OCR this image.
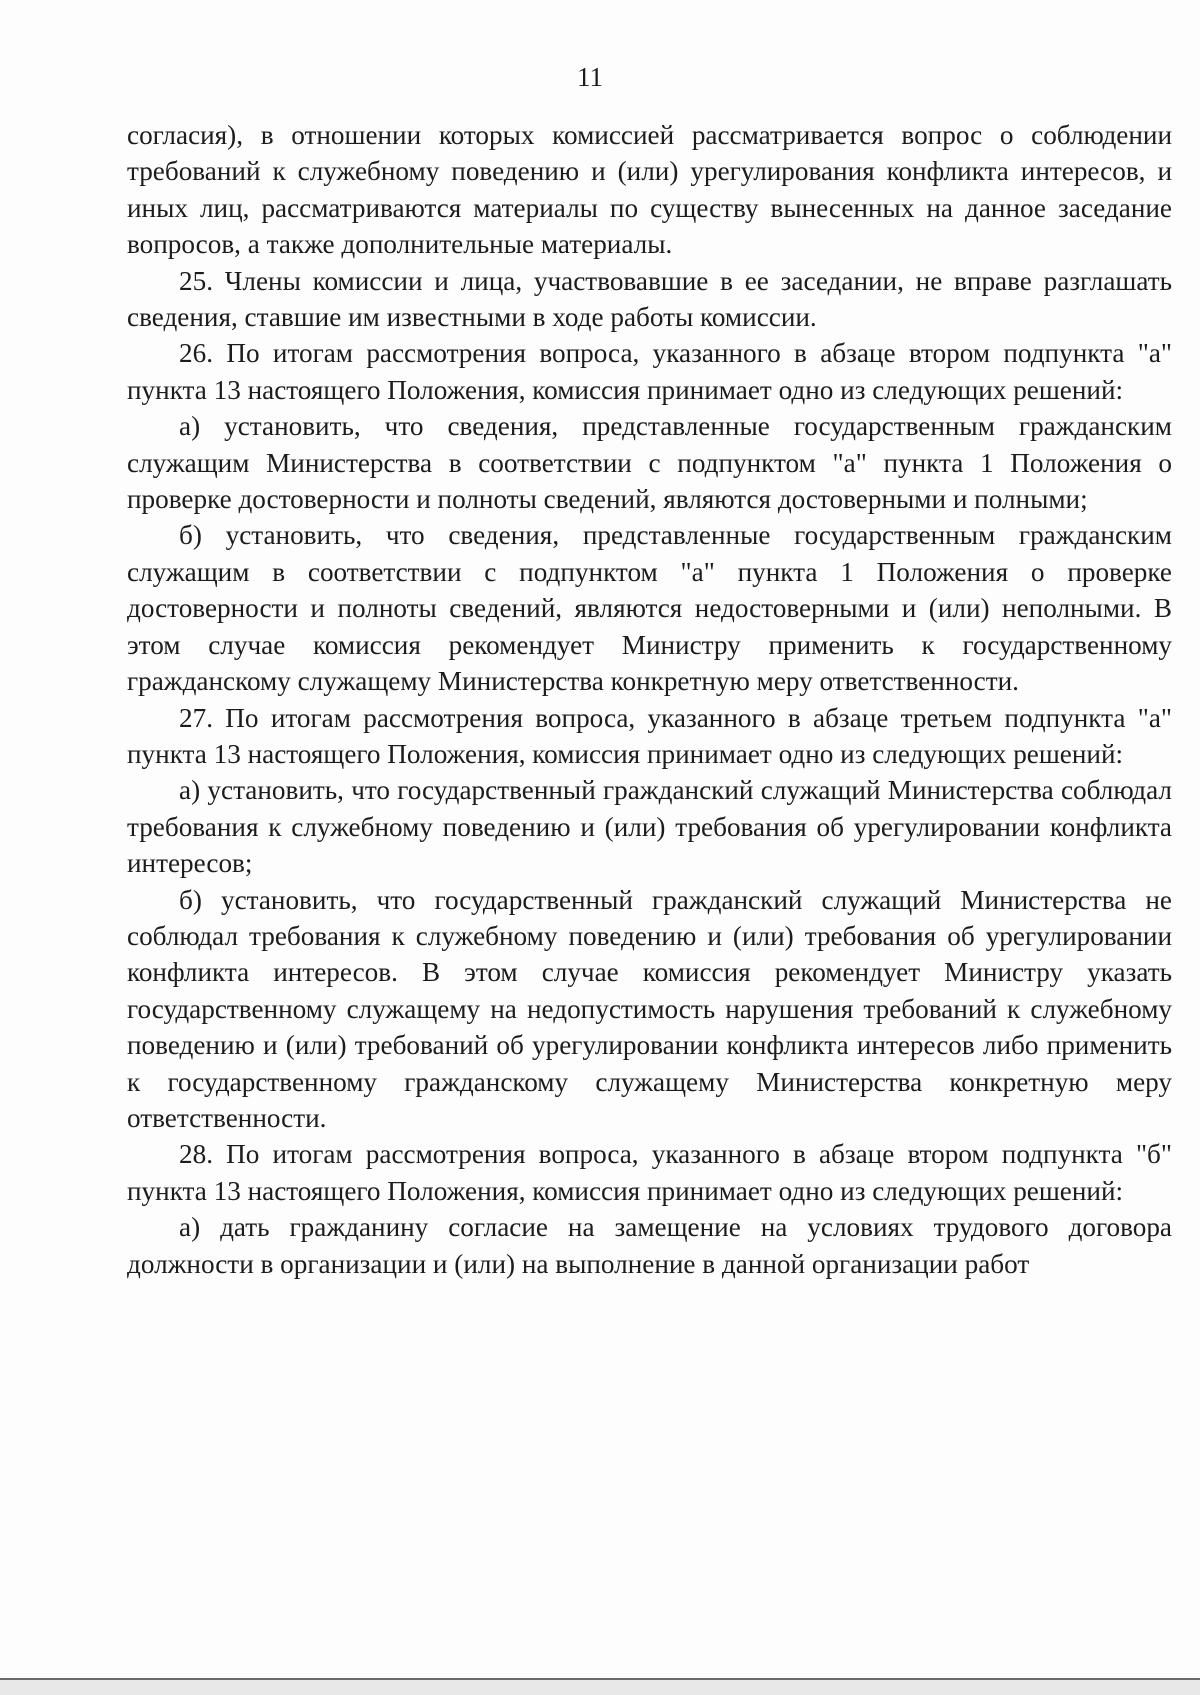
11

согласия), в отношении которых комиссией рассматривается вопрос о соблюдении требований к служебному поведению и (или) урегулирования конфликта интересов, и иных лиц, рассматриваются материалы по существу вынесенных на данное заседание вопросов, а также дополнительные материалы.

25. Члены комиссии и лица, участвовавшие в ее заседании, не вправе разглашать сведения, ставшие им известными в ходе работы комиссии.

26. По итогам рассмотрения вопроса, указанного в абзаце втором подпункта "а" пункта 13 настоящего Положения, комиссия принимает одно из следующих решений:

а) установить, что сведения, представленные государственным гражданским служащим Министерства в соответствии с подпунктом "а" пункта 1 Положения о проверке достоверности и полноты сведений, являются достоверными и полными;

б) установить, что сведения, представленные государственным гражданским служащим в соответствии с подпунктом "а" пункта 1 Положения о проверке достоверности и полноты сведений, являются недостоверными и (или) неполными. В этом случае комиссия рекомендует Министру применить к государственному гражданскому служащему Министерства конкретную меру ответственности.

27. По итогам рассмотрения вопроса, указанного в абзаце третьем подпункта "а" пункта 13 настоящего Положения, комиссия принимает одно из следующих решений:

а) установить, что государственный гражданский служащий Министерства соблюдал требования к служебному поведению и (или) требования об урегулировании конфликта интересов;

б) установить, что государственный гражданский служащий Министерства не соблюдал требования к служебному поведению и (или) требования об урегулировании конфликта интересов. В этом случае комиссия рекомендует Министру указать государственному служащему на недопустимость нарушения требований к служебному поведению и (или) требований об урегулировании конфликта интересов либо применить к государственному гражданскому служащему Министерства конкретную меру ответственности.

28. По итогам рассмотрения вопроса, указанного в абзаце втором подпункта "б" пункта 13 настоящего Положения, комиссия принимает одно из следующих решений:

а) дать гражданину согласие на замещение на условиях трудового договора должности в организации и (или) на выполнение в данной организации работ
